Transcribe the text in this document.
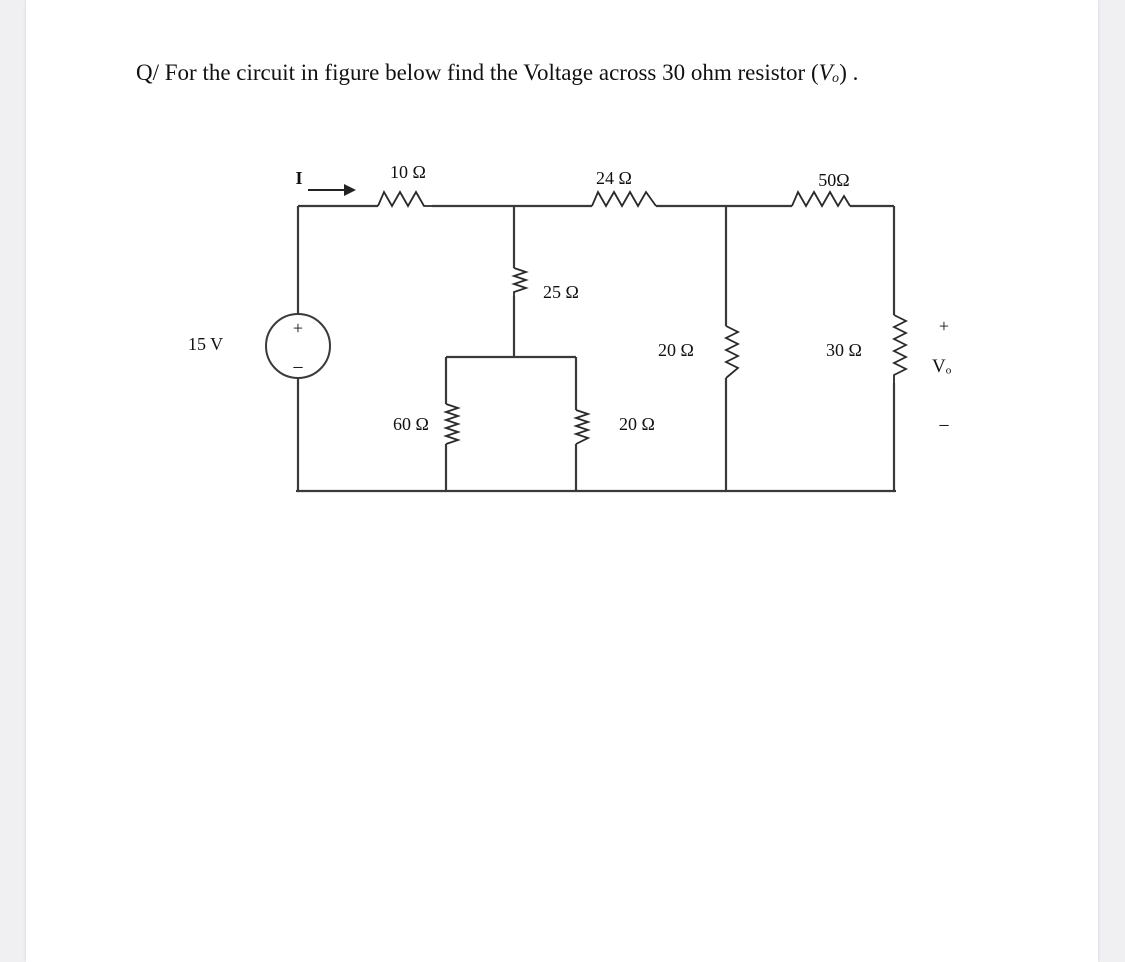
Q/ For the circuit in figure below find the Voltage across 30 ohm resistor (Vₒ) .
+
−
15 V
I	10 Ω	24 Ω	50Ω
25 Ω
60 Ω	20 Ω
20 Ω	30 Ω
+
Vₒ
−
